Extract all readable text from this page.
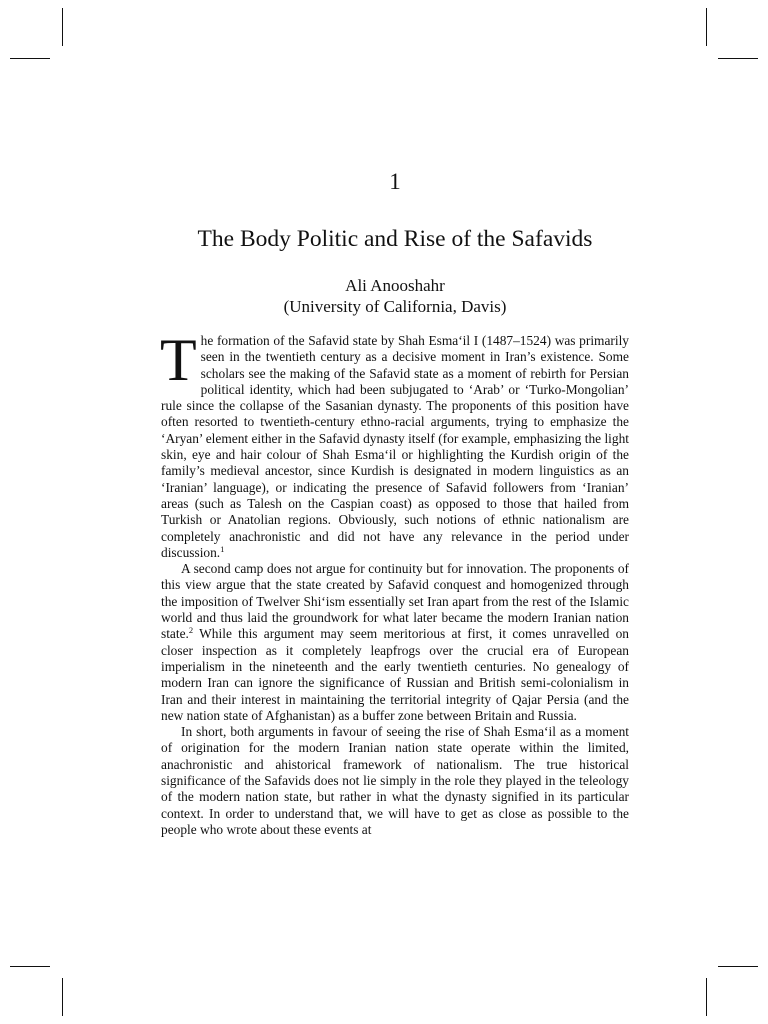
1
The Body Politic and Rise of the Safavids
Ali Anooshahr
(University of California, Davis)

The formation of the Safavid state by Shah Esma‘il I (1487–1524) was primarily seen in the twentieth century as a decisive moment in Iran’s existence. Some scholars see the making of the Safavid state as a moment of rebirth for Persian political identity, which had been subjugated to ‘Arab’ or ‘Turko-Mongolian’ rule since the collapse of the Sasanian dynasty. The proponents of this position have often resorted to twentieth-century ethno-racial arguments, trying to emphasize the ‘Aryan’ element either in the Safavid dynasty itself (for example, emphasizing the light skin, eye and hair colour of Shah Esma‘il or highlighting the Kurdish origin of the family’s medieval ancestor, since Kurdish is designated in modern linguistics as an ‘Iranian’ language), or indicating the presence of Safavid followers from ‘Iranian’ areas (such as Talesh on the Caspian coast) as opposed to those that hailed from Turkish or Anatolian regions. Obviously, such notions of ethnic nationalism are completely anachronistic and did not have any relevance in the period under discussion.$^1$

A second camp does not argue for continuity but for innovation. The proponents of this view argue that the state created by Safavid conquest and homogenized through the imposition of Twelver Shi‘ism essentially set Iran apart from the rest of the Islamic world and thus laid the groundwork for what later became the modern Iranian nation state.$^2$ While this argument may seem meritorious at first, it comes unravelled on closer inspection as it completely leapfrogs over the crucial era of European imperialism in the nineteenth and the early twentieth centuries. No genealogy of modern Iran can ignore the significance of Russian and British semi-colonialism in Iran and their interest in maintaining the territorial integrity of Qajar Persia (and the new nation state of Afghanistan) as a buffer zone between Britain and Russia.

In short, both arguments in favour of seeing the rise of Shah Esma‘il as a moment of origination for the modern Iranian nation state operate within the limited, anachronistic and ahistorical framework of nationalism. The true historical significance of the Safavids does not lie simply in the role they played in the teleology of the modern nation state, but rather in what the dynasty signified in its particular context. In order to understand that, we will have to get as close as possible to the people who wrote about these events at
